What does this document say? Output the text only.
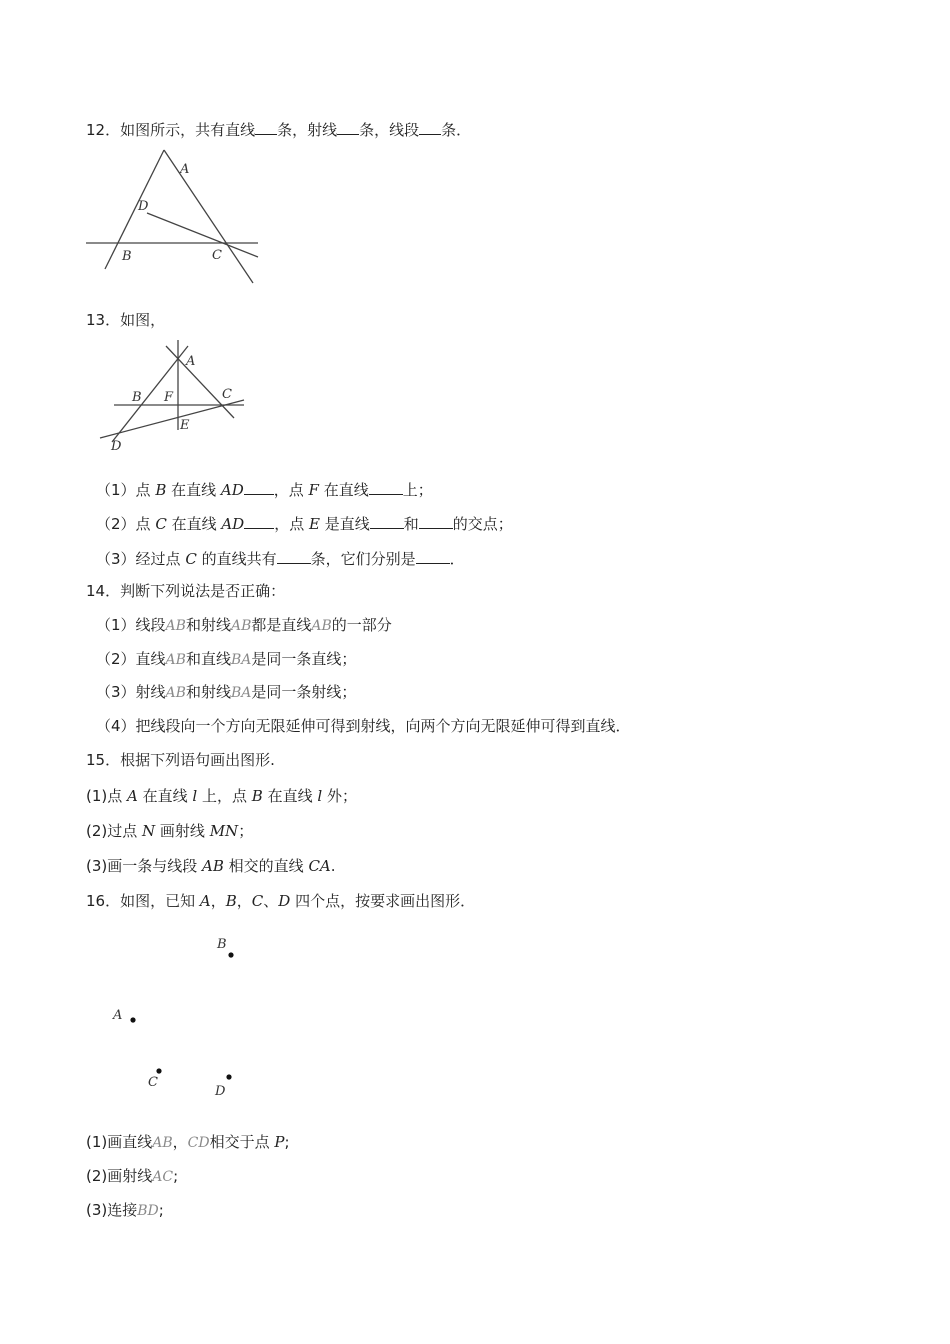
12．如图所示，共有直线 条，射线 条，线段 条．
A
D
B	C
13．如图，
A
B F	C
E
D
（1）点 B 在直线 AD ，点 F 在直线 上；
（2）点 C 在直线 AD ，点 E 是直线 和 的交点；
（3）经过点 C 的直线共有 条，它们分别是 ．
14．判断下列说法是否正确：
（1）线段AB和射线AB都是直线AB的一部分
（2）直线AB和直线BA是同一条直线；
（3）射线AB和射线BA是同一条射线；
（4）把线段向一个方向无限延伸可得到射线，向两个方向无限延伸可得到直线．
15．根据下列语句画出图形.
(1)点 A 在直线 l 上，点 B 在直线 l 外；
(2)过点 N 画射线 MN；
(3)画一条与线段 AB 相交的直线 CA.
16．如图，已知 A，B，C、D 四个点，按要求画出图形．
B
A
C
D
(1)画直线AB，CD相交于点 P;
(2)画射线AC;
(3)连接BD;
